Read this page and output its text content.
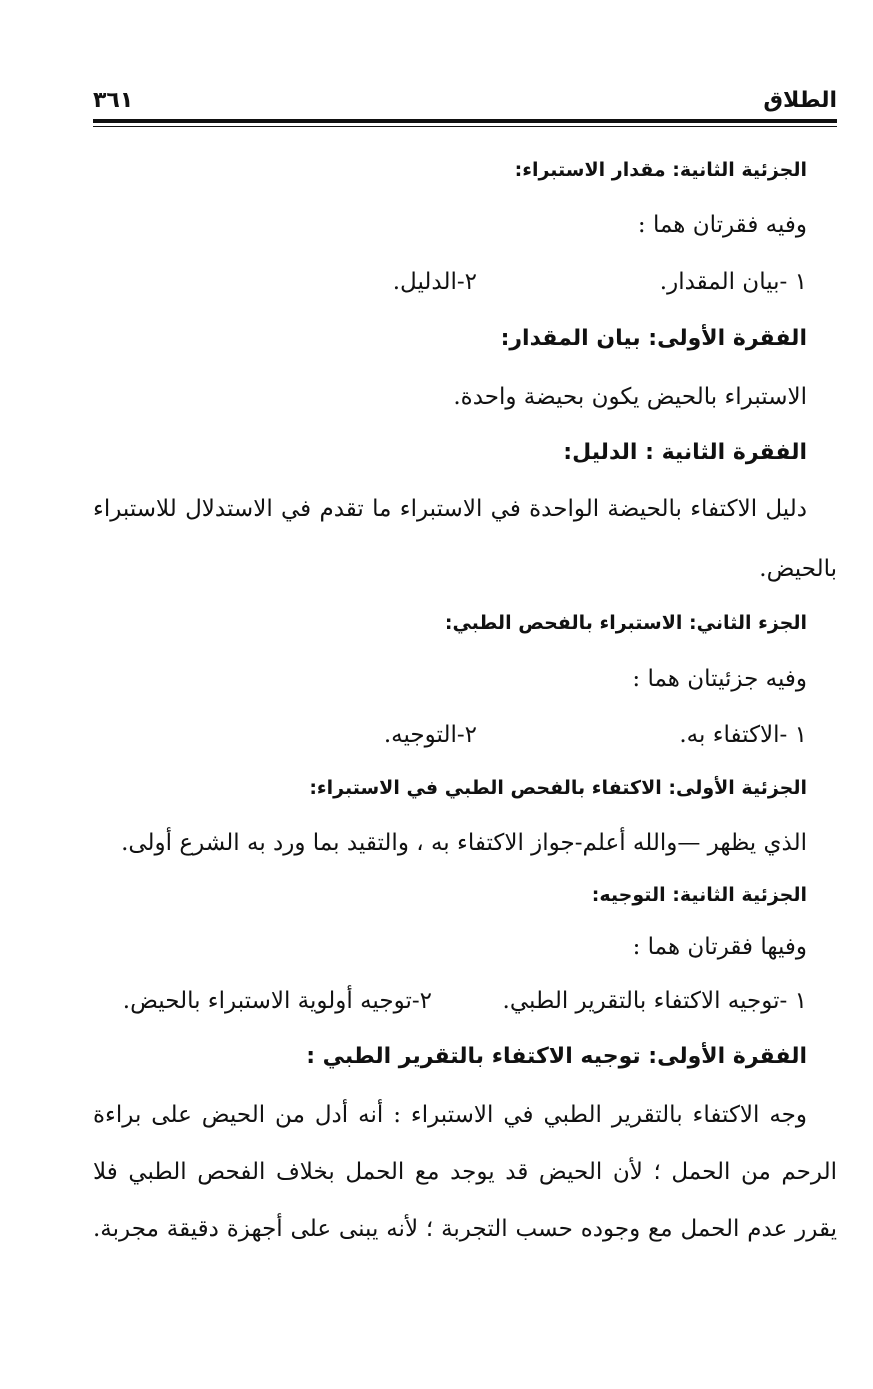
الطلاق
٣٦١
الجزئية الثانية: مقدار الاستبراء:
وفيه فقرتان هما :
١ -بيان المقدار.
٢-الدليل.
الفقرة الأولى: بيان المقدار:
الاستبراء بالحيض يكون بحيضة واحدة.
الفقرة الثانية : الدليل:
دليل الاكتفاء بالحيضة الواحدة في الاستبراء ما تقدم في الاستدلال للاستبراء
بالحيض.
الجزء الثاني: الاستبراء بالفحص الطبي:
وفيه جزئيتان هما :
١ -الاكتفاء به.
٢-التوجيه.
الجزئية الأولى: الاكتفاء بالفحص الطبي في الاستبراء:
الذي يظهر —والله أعلم-جواز الاكتفاء به ، والتقيد بما ورد به الشرع أولى.
الجزئية الثانية: التوجيه:
وفيها فقرتان هما :
١ -توجيه الاكتفاء بالتقرير الطبي.
٢-توجيه أولوية الاستبراء بالحيض.
الفقرة الأولى: توجيه الاكتفاء بالتقرير الطبي :
وجه الاكتفاء بالتقرير الطبي في الاستبراء : أنه أدل من الحيض على براءة
الرحم من الحمل ؛ لأن الحيض قد يوجد مع الحمل بخلاف الفحص الطبي فلا
يقرر عدم الحمل مع وجوده حسب التجربة ؛ لأنه يبنى على أجهزة دقيقة مجربة.
